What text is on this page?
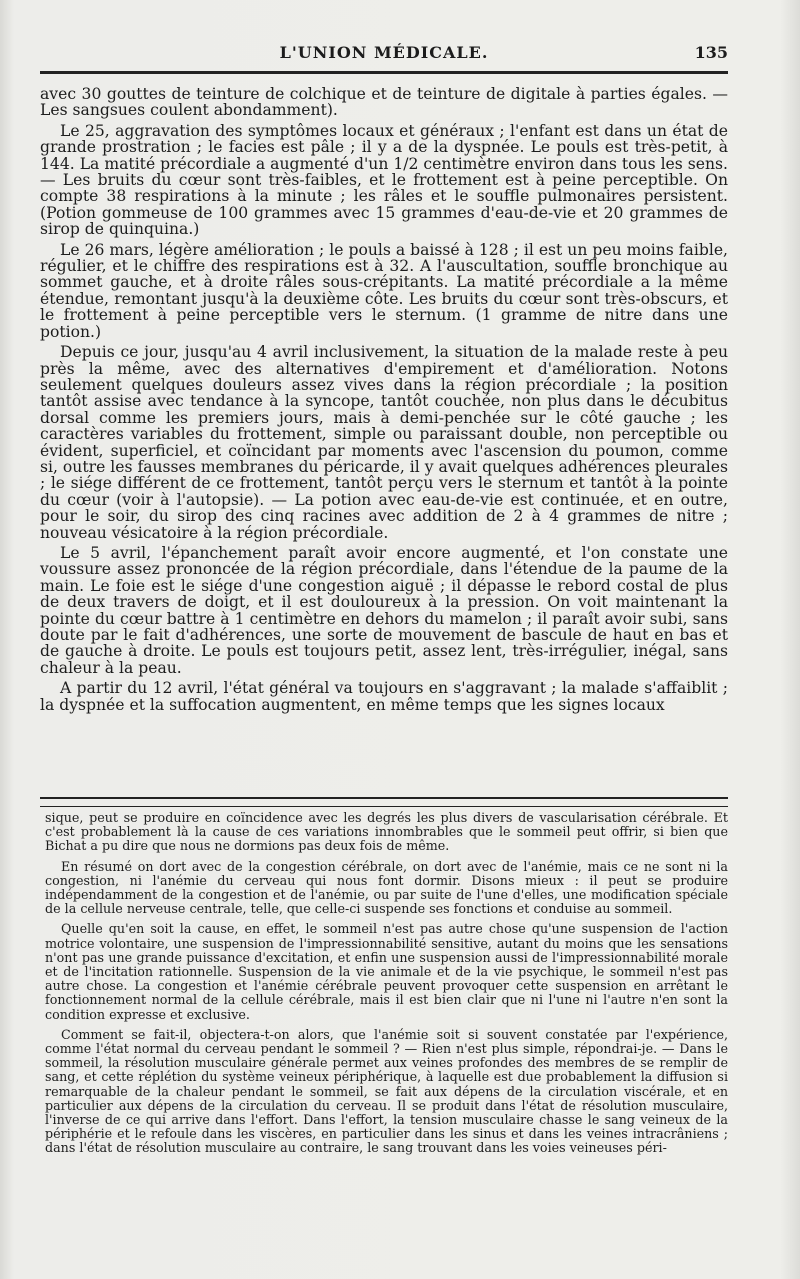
L'UNION MÉDICALE.	135

avec 30 gouttes de teinture de colchique et de teinture de digitale à parties égales. — Les sangsues coulent abondamment).

Le 25, aggravation des symptômes locaux et généraux ; l'enfant est dans un état de grande prostration ; le facies est pâle ; il y a de la dyspnée. Le pouls est très-petit, à 144. La matité précordiale a augmenté d'un 1/2 centimètre environ dans tous les sens. — Les bruits du cœur sont très-faibles, et le frottement est à peine perceptible. On compte 38 respirations à la minute ; les râles et le souffle pulmonaires persistent. (Potion gommeuse de 100 grammes avec 15 grammes d'eau-de-vie et 20 grammes de sirop de quinquina.)

Le 26 mars, légère amélioration ; le pouls a baissé à 128 ; il est un peu moins faible, régulier, et le chiffre des respirations est à 32. A l'auscultation, souffle bronchique au sommet gauche, et à droite râles sous-crépitants. La matité précordiale a la même étendue, remontant jusqu'à la deuxième côte. Les bruits du cœur sont très-obscurs, et le frottement à peine perceptible vers le sternum. (1 gramme de nitre dans une potion.)

Depuis ce jour, jusqu'au 4 avril inclusivement, la situation de la malade reste à peu près la même, avec des alternatives d'empirement et d'amélioration. Notons seulement quelques douleurs assez vives dans la région précordiale ; la position tantôt assise avec tendance à la syncope, tantôt couchée, non plus dans le décubitus dorsal comme les premiers jours, mais à demi-penchée sur le côté gauche ; les caractères variables du frottement, simple ou paraissant double, non perceptible ou évident, superficiel, et coïncidant par moments avec l'ascension du poumon, comme si, outre les fausses membranes du péricarde, il y avait quelques adhérences pleurales ; le siége différent de ce frottement, tantôt perçu vers le sternum et tantôt à la pointe du cœur (voir à l'autopsie). — La potion avec eau-de-vie est continuée, et en outre, pour le soir, du sirop des cinq racines avec addition de 2 à 4 grammes de nitre ; nouveau vésicatoire à la région précordiale.

Le 5 avril, l'épanchement paraît avoir encore augmenté, et l'on constate une voussure assez prononcée de la région précordiale, dans l'étendue de la paume de la main. Le foie est le siége d'une congestion aiguë ; il dépasse le rebord costal de plus de deux travers de doigt, et il est douloureux à la pression. On voit maintenant la pointe du cœur battre à 1 centimètre en dehors du mamelon ; il paraît avoir subi, sans doute par le fait d'adhérences, une sorte de mouvement de bascule de haut en bas et de gauche à droite. Le pouls est toujours petit, assez lent, très-irrégulier, inégal, sans chaleur à la peau.

A partir du 12 avril, l'état général va toujours en s'aggravant ; la malade s'affaiblit ; la dyspnée et la suffocation augmentent, en même temps que les signes locaux

sique, peut se produire en coïncidence avec les degrés les plus divers de vascularisation cérébrale. Et c'est probablement là la cause de ces variations innombrables que le sommeil peut offrir, si bien que Bichat a pu dire que nous ne dormions pas deux fois de même.

En résumé on dort avec de la congestion cérébrale, on dort avec de l'anémie, mais ce ne sont ni la congestion, ni l'anémie du cerveau qui nous font dormir. Disons mieux : il peut se produire indépendamment de la congestion et de l'anémie, ou par suite de l'une d'elles, une modification spéciale de la cellule nerveuse centrale, telle, que celle-ci suspende ses fonctions et conduise au sommeil.

Quelle qu'en soit la cause, en effet, le sommeil n'est pas autre chose qu'une suspension de l'action motrice volontaire, une suspension de l'impressionnabilité sensitive, autant du moins que les sensations n'ont pas une grande puissance d'excitation, et enfin une suspension aussi de l'impressionnabilité morale et de l'incitation rationnelle. Suspension de la vie animale et de la vie psychique, le sommeil n'est pas autre chose. La congestion et l'anémie cérébrale peuvent provoquer cette suspension en arrêtant le fonctionnement normal de la cellule cérébrale, mais il est bien clair que ni l'une ni l'autre n'en sont la condition expresse et exclusive.

Comment se fait-il, objectera-t-on alors, que l'anémie soit si souvent constatée par l'expérience, comme l'état normal du cerveau pendant le sommeil ? — Rien n'est plus simple, répondrai-je. — Dans le sommeil, la résolution musculaire générale permet aux veines profondes des membres de se remplir de sang, et cette réplétion du système veineux périphérique, à laquelle est due probablement la diffusion si remarquable de la chaleur pendant le sommeil, se fait aux dépens de la circulation viscérale, et en particulier aux dépens de la circulation du cerveau. Il se produit dans l'état de résolution musculaire, l'inverse de ce qui arrive dans l'effort. Dans l'effort, la tension musculaire chasse le sang veineux de la périphérie et le refoule dans les viscères, en particulier dans les sinus et dans les veines intracrâniens ; dans l'état de résolution musculaire au contraire, le sang trouvant dans les voies veineuses péri-
